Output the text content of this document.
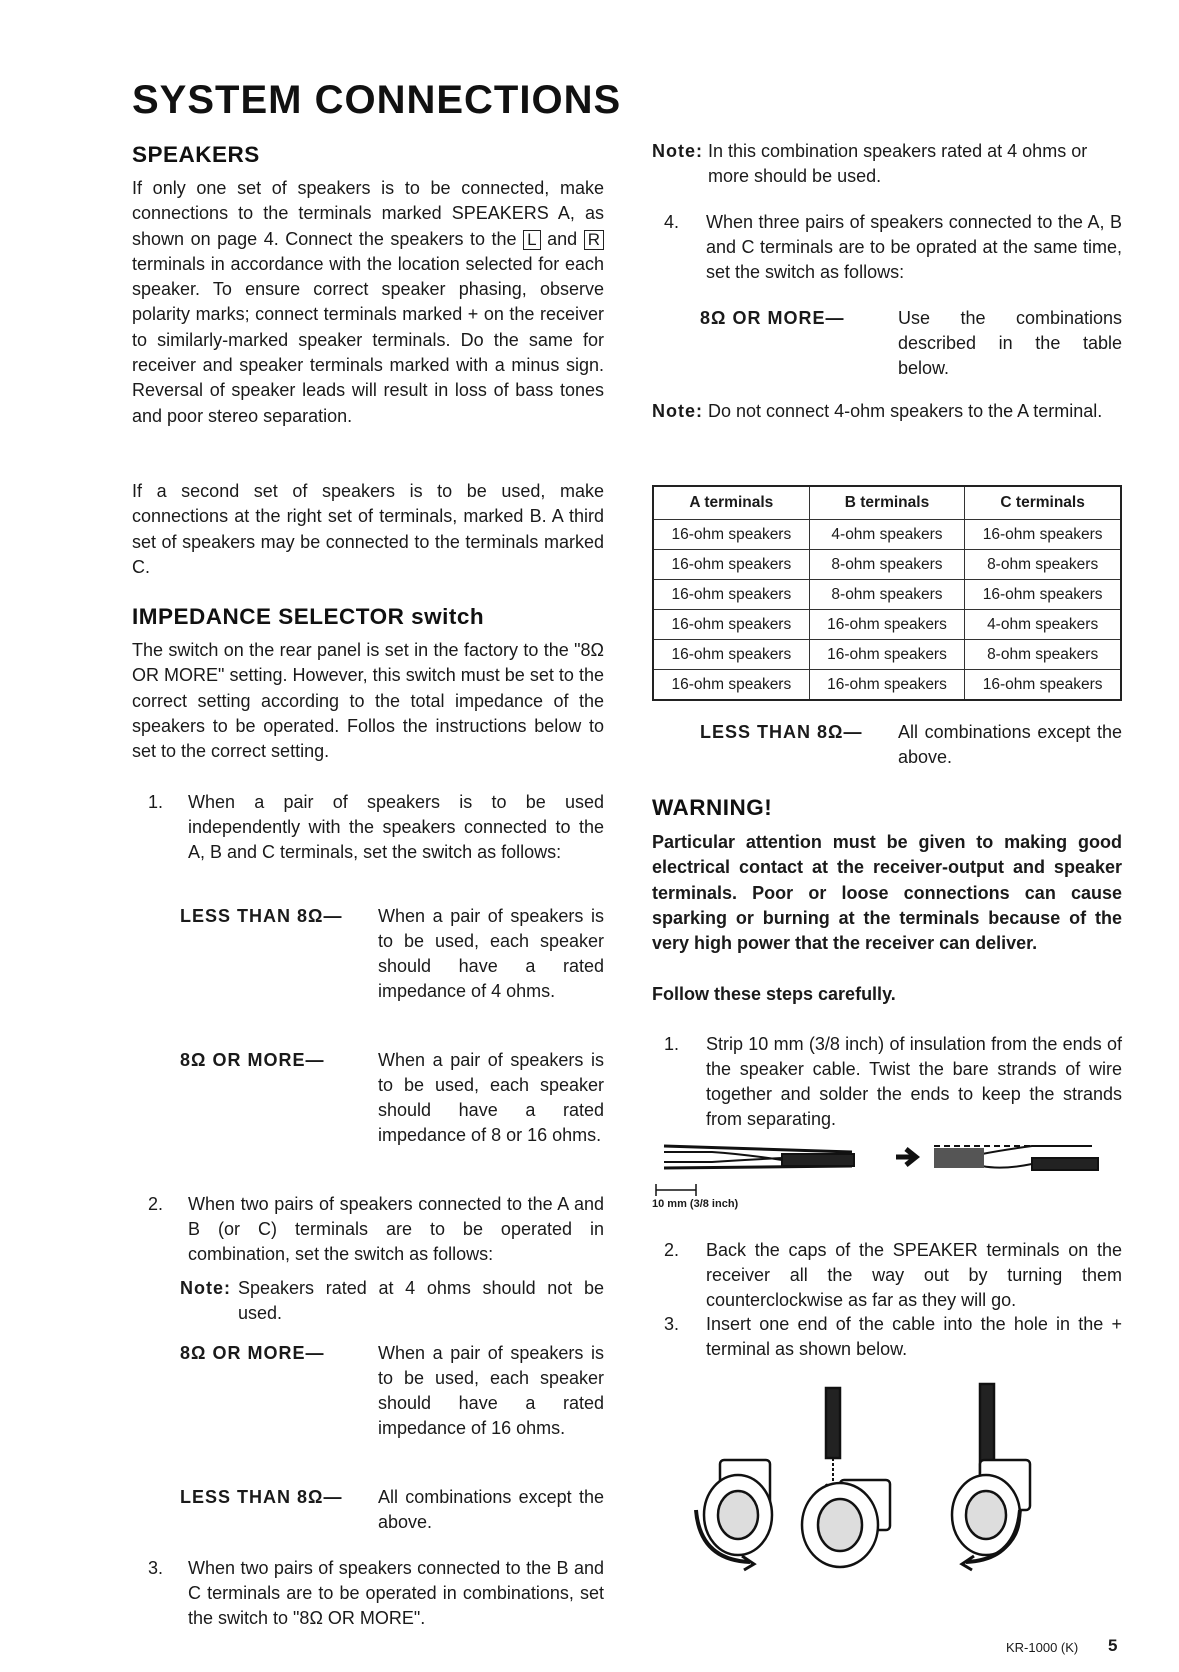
SYSTEM CONNECTIONS
SPEAKERS

If only one set of speakers is to be connected, make connections to the terminals marked SPEAKERS A, as shown on page 4. Connect the speakers to the L and R terminals in accordance with the location selected for each speaker. To ensure correct speaker phasing, observe polarity marks; connect terminals marked + on the receiver to similarly-marked speaker terminals. Do the same for receiver and speaker terminals marked with a minus sign. Reversal of speaker leads will result in loss of bass tones and poor stereo separation.

If a second set of speakers is to be used, make connections at the right set of terminals, marked B. A third set of speakers may be connected to the terminals marked C.

IMPEDANCE SELECTOR switch

The switch on the rear panel is set in the factory to the "8Ω OR MORE" setting. However, this switch must be set to the correct setting according to the total impedance of the speakers to be operated. Follos the instructions below to set to the correct setting.

1. When a pair of speakers is to be used independently with the speakers connected to the A, B and C terminals, set the switch as follows:
LESS THAN 8Ω— When a pair of speakers is to be used, each speaker should have a rated impedance of 4 ohms.
8Ω OR MORE—	When a pair of speakers is to be used, each speaker should have a rated impedance of 8 or 16 ohms.
2. When two pairs of speakers connected to the A and B (or C) terminals are to be operated in combination, set the switch as follows:
Note: Speakers rated at 4 ohms should not be used.
8Ω OR MORE—	When a pair of speakers is to be used, each speaker should have a rated impedance of 16 ohms.
LESS THAN 8Ω— All combinations except the above.
3. When two pairs of speakers connected to the B and C terminals are to be operated in combinations, set the switch to "8Ω OR MORE".
Note: In this combination speakers rated at 4 ohms or more should be used.
4. When three pairs of speakers connected to the A, B and C terminals are to be oprated at the same time, set the switch as follows:
8Ω OR MORE—	Use the combinations described in the table below.
Note: Do not connect 4-ohm speakers to the A terminal.
A terminals	B terminals	C terminals
16-ohm speakers	4-ohm speakers	16-ohm speakers
16-ohm speakers	8-ohm speakers	8-ohm speakers
16-ohm speakers	8-ohm speakers	16-ohm speakers
16-ohm speakers	16-ohm speakers	4-ohm speakers
16-ohm speakers	16-ohm speakers	8-ohm speakers
16-ohm speakers	16-ohm speakers	16-ohm speakers
LESS THAN 8Ω— All combinations except the above.
WARNING!

Particular attention must be given to making good electrical contact at the receiver-output and speaker terminals. Poor or loose connections can cause sparking or burning at the terminals because of the very high power that the receiver can deliver.

Follow these steps carefully.

1. Strip 10 mm (3/8 inch) of insulation from the ends of the speaker cable. Twist the bare strands of wire together and solder the ends to keep the strands from separating.
10 mm (3/8 inch)
2. Back the caps of the SPEAKER terminals on the receiver all the way out by turning them counterclockwise as far as they will go.
3. Insert one end of the cable into the hole in the + terminal as shown below.
KR-1000 (K) 5
